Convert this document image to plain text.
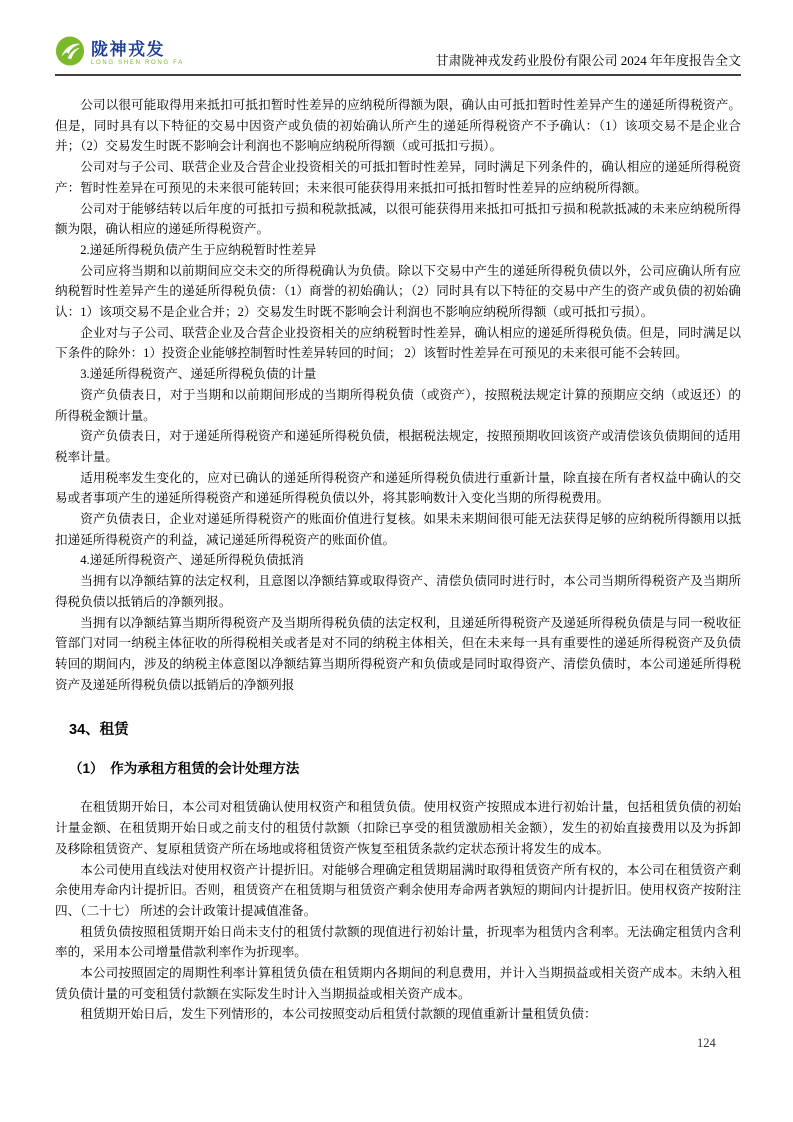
陇神戎发
LONG SHEN RONG FA	甘肃陇神戎发药业股份有限公司 2024 年年度报告全文

公司以很可能取得用来抵扣可抵扣暂时性差异的应纳税所得额为限，确认由可抵扣暂时性差异产生的递延所得税资产。但是，同时具有以下特征的交易中因资产或负债的初始确认所产生的递延所得税资产不予确认：（1）该项交易不是企业合并；（2）交易发生时既不影响会计利润也不影响应纳税所得额（或可抵扣亏损）。

公司对与子公司、联营企业及合营企业投资相关的可抵扣暂时性差异，同时满足下列条件的，确认相应的递延所得税资产：暂时性差异在可预见的未来很可能转回；未来很可能获得用来抵扣可抵扣暂时性差异的应纳税所得额。

公司对于能够结转以后年度的可抵扣亏损和税款抵减，以很可能获得用来抵扣可抵扣亏损和税款抵减的未来应纳税所得额为限，确认相应的递延所得税资产。

2.递延所得税负债产生于应纳税暂时性差异

公司应将当期和以前期间应交未交的所得税确认为负债。除以下交易中产生的递延所得税负债以外，公司应确认所有应纳税暂时性差异产生的递延所得税负债：（1）商誉的初始确认；（2）同时具有以下特征的交易中产生的资产或负债的初始确认：1）该项交易不是企业合并；2）交易发生时既不影响会计利润也不影响应纳税所得额（或可抵扣亏损）。

企业对与子公司、联营企业及合营企业投资相关的应纳税暂时性差异，确认相应的递延所得税负债。但是，同时满足以下条件的除外：1）投资企业能够控制暂时性差异转回的时间； 2）该暂时性差异在可预见的未来很可能不会转回。

3.递延所得税资产、递延所得税负债的计量

资产负债表日，对于当期和以前期间形成的当期所得税负债（或资产），按照税法规定计算的预期应交纳（或返还）的所得税金额计量。

资产负债表日，对于递延所得税资产和递延所得税负债，根据税法规定，按照预期收回该资产或清偿该负债期间的适用税率计量。

适用税率发生变化的，应对已确认的递延所得税资产和递延所得税负债进行重新计量，除直接在所有者权益中确认的交易或者事项产生的递延所得税资产和递延所得税负债以外，将其影响数计入变化当期的所得税费用。

资产负债表日，企业对递延所得税资产的账面价值进行复核。如果未来期间很可能无法获得足够的应纳税所得额用以抵扣递延所得税资产的利益，减记递延所得税资产的账面价值。

4.递延所得税资产、递延所得税负债抵消

当拥有以净额结算的法定权利，且意图以净额结算或取得资产、清偿负债同时进行时，本公司当期所得税资产及当期所得税负债以抵销后的净额列报。

当拥有以净额结算当期所得税资产及当期所得税负债的法定权利，且递延所得税资产及递延所得税负债是与同一税收征管部门对同一纳税主体征收的所得税相关或者是对不同的纳税主体相关，但在未来每一具有重要性的递延所得税资产及负债转回的期间内，涉及的纳税主体意图以净额结算当期所得税资产和负债或是同时取得资产、清偿负债时，本公司递延所得税资产及递延所得税负债以抵销后的净额列报

34、租赁
（1）　作为承租方租赁的会计处理方法

在租赁期开始日，本公司对租赁确认使用权资产和租赁负债。使用权资产按照成本进行初始计量，包括租赁负债的初始计量金额、在租赁期开始日或之前支付的租赁付款额（扣除已享受的租赁激励相关金额），发生的初始直接费用以及为拆卸及移除租赁资产、复原租赁资产所在场地或将租赁资产恢复至租赁条款约定状态预计将发生的成本。

本公司使用直线法对使用权资产计提折旧。对能够合理确定租赁期届满时取得租赁资产所有权的，本公司在租赁资产剩余使用寿命内计提折旧。否则，租赁资产在租赁期与租赁资产剩余使用寿命两者孰短的期间内计提折旧。使用权资产按附注四、（二十七） 所述的会计政策计提减值准备。

租赁负债按照租赁期开始日尚未支付的租赁付款额的现值进行初始计量，折现率为租赁内含利率。无法确定租赁内含利率的，采用本公司增量借款利率作为折现率。

本公司按照固定的周期性利率计算租赁负债在租赁期内各期间的利息费用，并计入当期损益或相关资产成本。未纳入租赁负债计量的可变租赁付款额在实际发生时计入当期损益或相关资产成本。

租赁期开始日后，发生下列情形的，本公司按照变动后租赁付款额的现值重新计量租赁负债：

124
